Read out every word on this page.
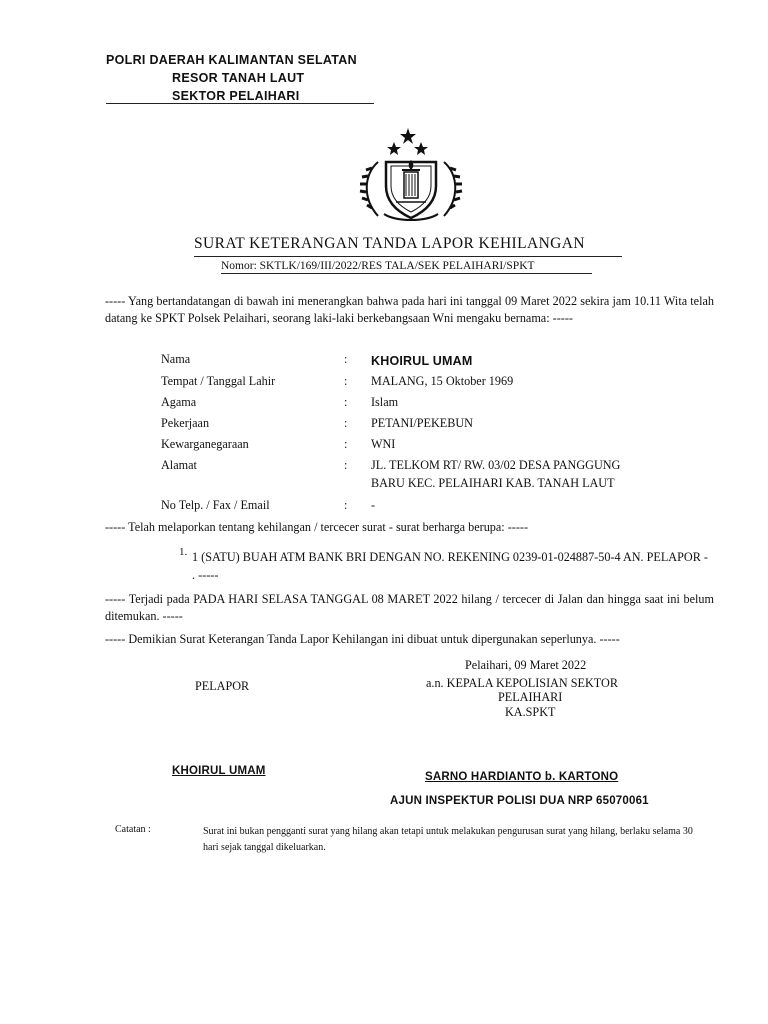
POLRI DAERAH KALIMANTAN SELATAN
RESOR TANAH LAUT
SEKTOR PELAIHARI
SURAT KETERANGAN TANDA LAPOR KEHILANGAN
Nomor: SKTLK/169/III/2022/RES TALA/SEK PELAIHARI/SPKT
----- Yang bertandatangan di bawah ini menerangkan bahwa pada hari ini tanggal 09 Maret 2022 sekira jam 10.11 Wita telah datang ke SPKT Polsek Pelaihari, seorang laki-laki berkebangsaan Wni mengaku bernama: -----
Nama	: KHOIRUL UMAM
Tempat / Tanggal Lahir	: MALANG, 15 Oktober 1969
Agama	: Islam
Pekerjaan	: PETANI/PEKEBUN
Kewarganegaraan	: WNI
Alamat	: JL. TELKOM RT/ RW. 03/02 DESA PANGGUNG
BARU KEC. PELAIHARI KAB. TANAH LAUT
No Telp. / Fax / Email	: -
----- Telah melaporkan tentang kehilangan / tercecer surat - surat berharga berupa: -----
1. 1 (SATU) BUAH ATM BANK BRI DENGAN NO. REKENING 0239-01-024887-50-4 AN. PELAPOR - . -----
----- Terjadi pada PADA HARI SELASA TANGGAL 08 MARET 2022 hilang / tercecer di Jalan dan hingga saat ini belum ditemukan. -----
----- Demikian Surat Keterangan Tanda Lapor Kehilangan ini dibuat untuk dipergunakan seperlunya. -----
Pelaihari, 09 Maret 2022
PELAPOR	a.n. KEPALA KEPOLISIAN SEKTOR
PELAIHARI
KA.SPKT
KHOIRUL UMAM	SARNO HARDIANTO b. KARTONO
AJUN INSPEKTUR POLISI DUA NRP 65070061
Catatan :	Surat ini bukan pengganti surat yang hilang akan tetapi untuk melakukan pengurusan surat yang hilang, berlaku selama 30 hari sejak tanggal dikeluarkan.
